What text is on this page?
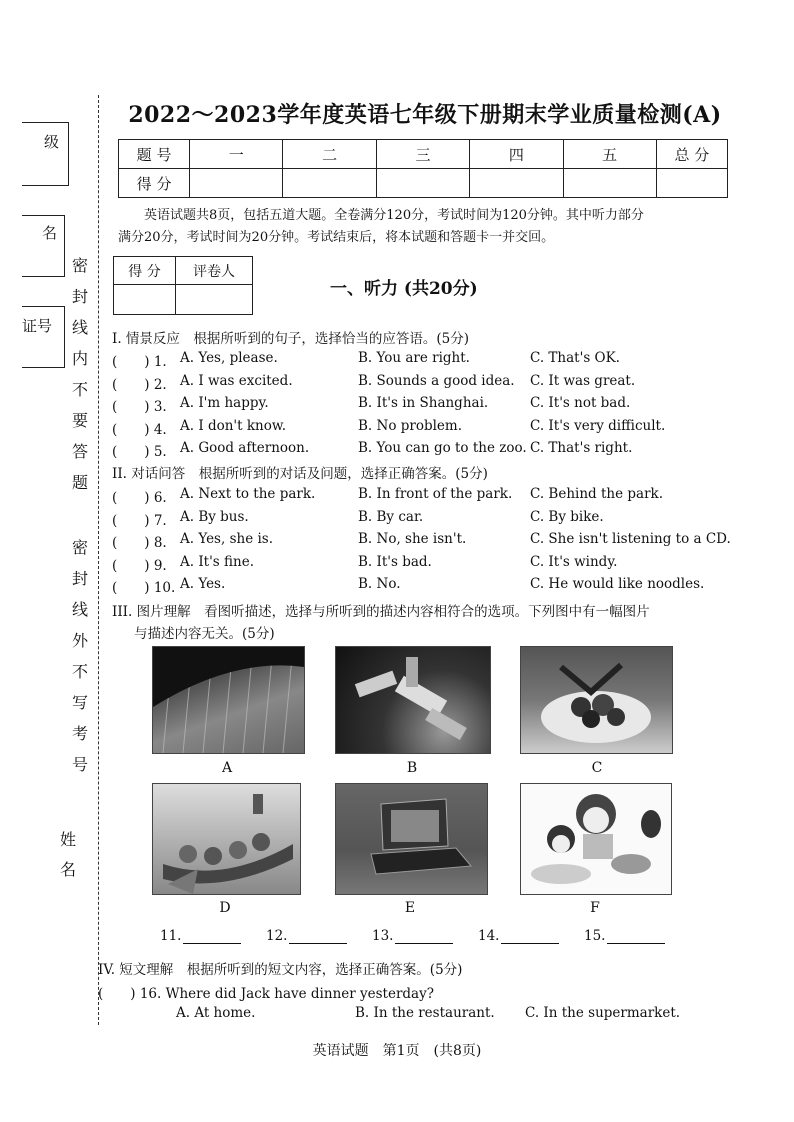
级
名
证号
密
封
线
内
不
要
答
题
密
封
线
外
不
写
考
号
姓
名
2022～2023学年度英语七年级下册期末学业质量检测(A)
题 号	一	二	三	四	五	总 分
得 分						
英语试题共8页，包括五道大题。全卷满分120分，考试时间为120分钟。其中听力部分
满分20分，考试时间为20分钟。考试结束后，将本试题和答题卡一并交回。
得 分	评卷人

一、听力 (共20分)
I. 情景反应　根据所听到的句子，选择恰当的应答语。(5分)
(　　) 1. A. Yes, please.	B. You are right.	C. That's OK.
(　　) 2. A. I was excited.	B. Sounds a good idea. C. It was great.
(　　) 3. A. I'm happy.	B. It's in Shanghai.	C. It's not bad.
(　　) 4. A. I don't know.	B. No problem.	C. It's very difficult.
(　　) 5. A. Good afternoon.	B. You can go to the zoo. C. That's right.
II. 对话问答　根据所听到的对话及问题，选择正确答案。(5分)
(　　) 6. A. Next to the park.	B. In front of the park. C. Behind the park.
(　　) 7. A. By bus.	B. By car.	C. By bike.
(　　) 8. A. Yes, she is.	B. No, she isn't.	C. She isn't listening to a CD.
(　　) 9. A. It's fine.	B. It's bad.	C. It's windy.
(　　) 10. A. Yes.	B. No.	C. He would like noodles.
III. 图片理解　看图听描述，选择与所听到的描述内容相符合的选项。下列图中有一幅图片
与描述内容无关。(5分)
A	B	C
D	E	F
11.	12.	13.	14.	15.
IV. 短文理解　根据所听到的短文内容，选择正确答案。(5分)
(　　) 16. Where did Jack have dinner yesterday?
A. At home.	B. In the restaurant. C. In the supermarket.
英语试题　第1页　(共8页)
